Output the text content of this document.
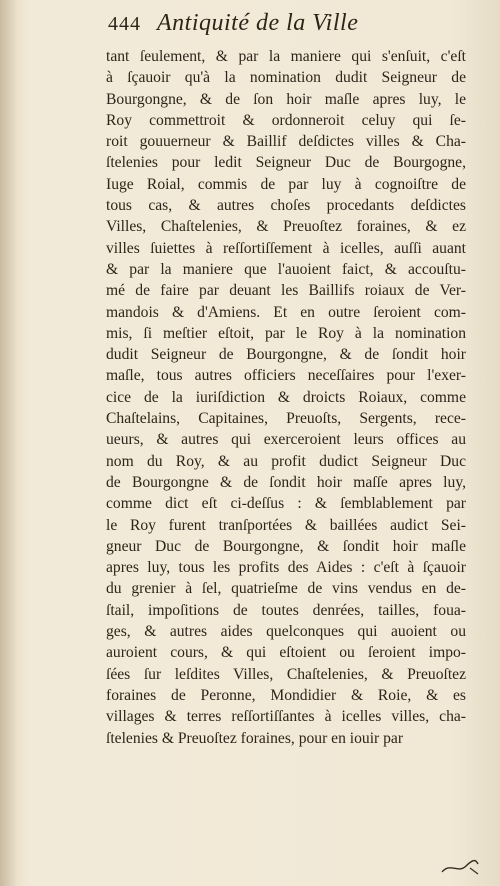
444 Antiquité de la Ville
tant ſeulement, & par la maniere qui s'enſuit, c'eſt
à ſçauoir qu'à la nomination dudit Seigneur de
Bourgongne, & de ſon hoir maſle apres luy, le
Roy commettroit & ordonneroit celuy qui ſe-
roit gouuerneur & Baillif deſdictes villes & Cha-
ſtelenies pour ledit Seigneur Duc de Bourgogne,
Iuge Roial, commis de par luy à cognoiſtre de
tous cas, & autres choſes procedants deſdictes
Villes, Chaſtelenies, & Preuoſtez foraines, & ez
villes ſuiettes à reſſortiſſement à icelles, auſſi auant
& par la maniere que l'auoient faict, & accouſtu-
mé de faire par deuant les Baillifs roiaux de Ver-
mandois & d'Amiens. Et en outre ſeroient com-
mis, ſi meſtier eſtoit, par le Roy à la nomination
dudit Seigneur de Bourgongne, & de ſondit hoir
maſle, tous autres officiers neceſſaires pour l'exer-
cice de la iuriſdiction & droicts Roiaux, comme
Chaſtelains, Capitaines, Preuoſts, Sergents, rece-
ueurs, & autres qui exerceroient leurs offices au
nom du Roy, & au profit dudict Seigneur Duc
de Bourgongne & de ſondit hoir maſſe apres luy,
comme dict eſt ci-deſſus : & ſemblablement par
le Roy furent tranſportées & baillées audict Sei-
gneur Duc de Bourgongne, & ſondit hoir maſle
apres luy, tous les profits des Aides : c'eſt à ſçauoir
du grenier à ſel, quatrieſme de vins vendus en de-
ſtail, impoſitions de toutes denrées, tailles, foua-
ges, & autres aides quelconques qui auoient ou
auroient cours, & qui eſtoient ou ſeroient impo-
ſées ſur leſdites Villes, Chaſtelenies, & Preuoſtez
foraines de Peronne, Mondidier & Roie, & es
villages & terres reſſortiſſantes à icelles villes, cha-
ſtelenies & Preuoſtez foraines, pour en iouir par
